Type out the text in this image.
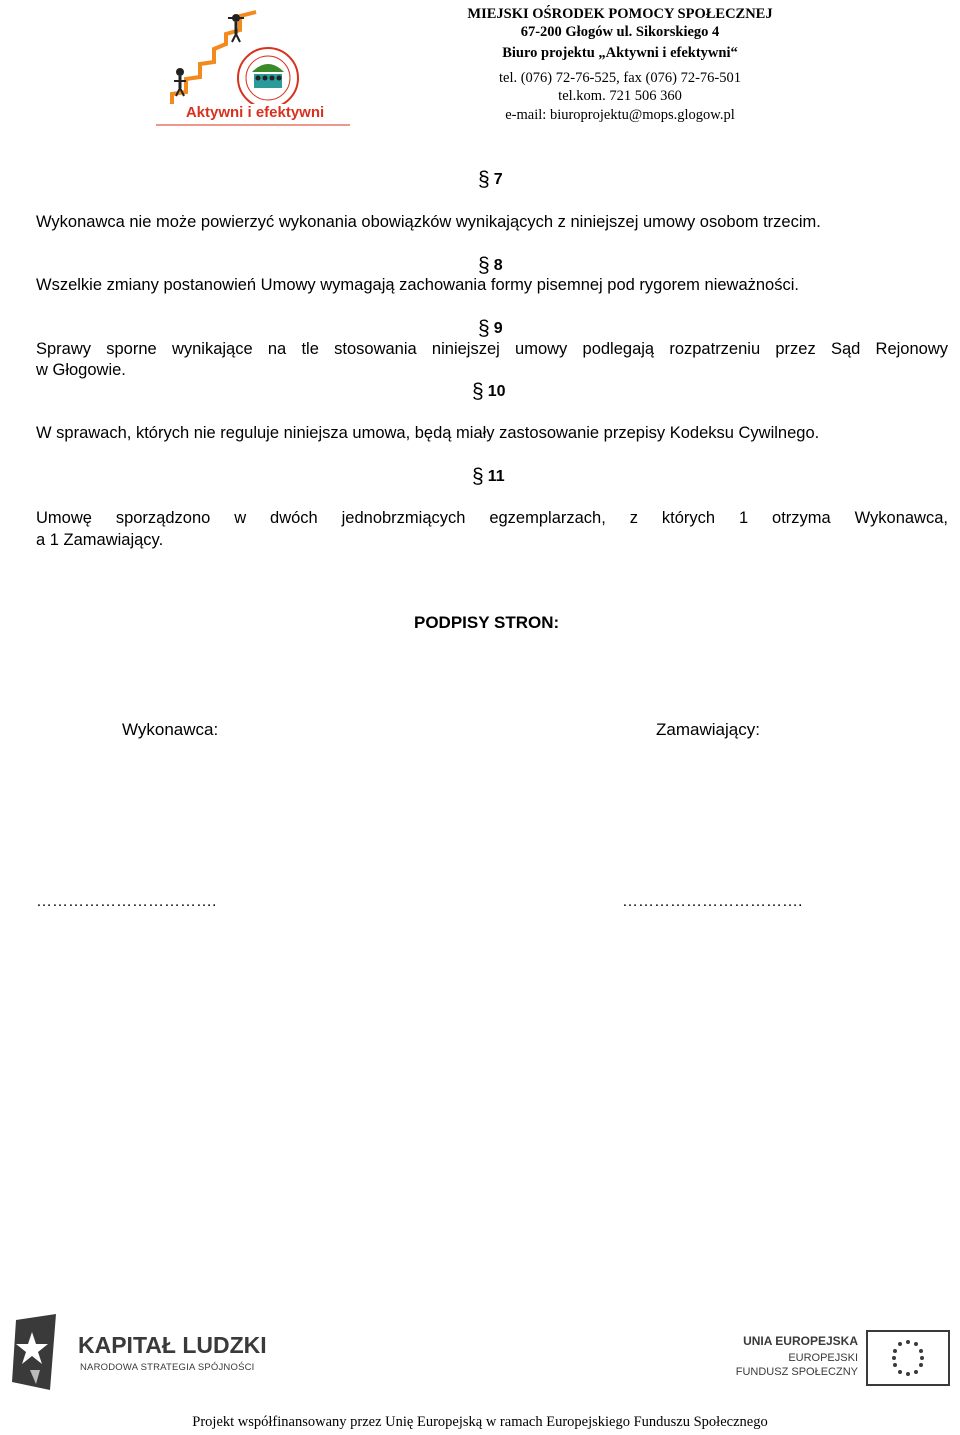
Aktywni i efektywni
MIEJSKI OŚRODEK POMOCY SPOŁECZNEJ
67-200 Głogów ul. Sikorskiego 4
Biuro projektu „Aktywni i efektywni“
tel. (076) 72-76-525, fax (076) 72-76-501
tel.kom. 721 506 360
e-mail: biuroprojektu@mops.glogow.pl
§ 7
Wykonawca nie może powierzyć wykonania obowiązków wynikających z niniejszej umowy osobom trzecim.
§ 8
Wszelkie zmiany postanowień Umowy wymagają zachowania formy pisemnej pod rygorem nieważności.
§ 9
Sprawy sporne wynikające na tle stosowania niniejszej umowy podlegają rozpatrzeniu przez Sąd Rejonowy
w Głogowie.
§ 10
W sprawach, których nie reguluje niniejsza umowa, będą miały zastosowanie przepisy Kodeksu Cywilnego.
§ 11
Umowę sporządzono w dwóch jednobrzmiących egzemplarzach, z których 1 otrzyma Wykonawca,
a 1 Zamawiający.
PODPISY STRON:
Wykonawca:	Zamawiający:
…………………………….	…………………………….
KAPITAŁ LUDZKI
NARODOWA STRATEGIA SPÓJNOŚCI
UNIA EUROPEJSKA
EUROPEJSKI
FUNDUSZ SPOŁECZNY
Projekt współfinansowany przez Unię Europejską w ramach Europejskiego Funduszu Społecznego
